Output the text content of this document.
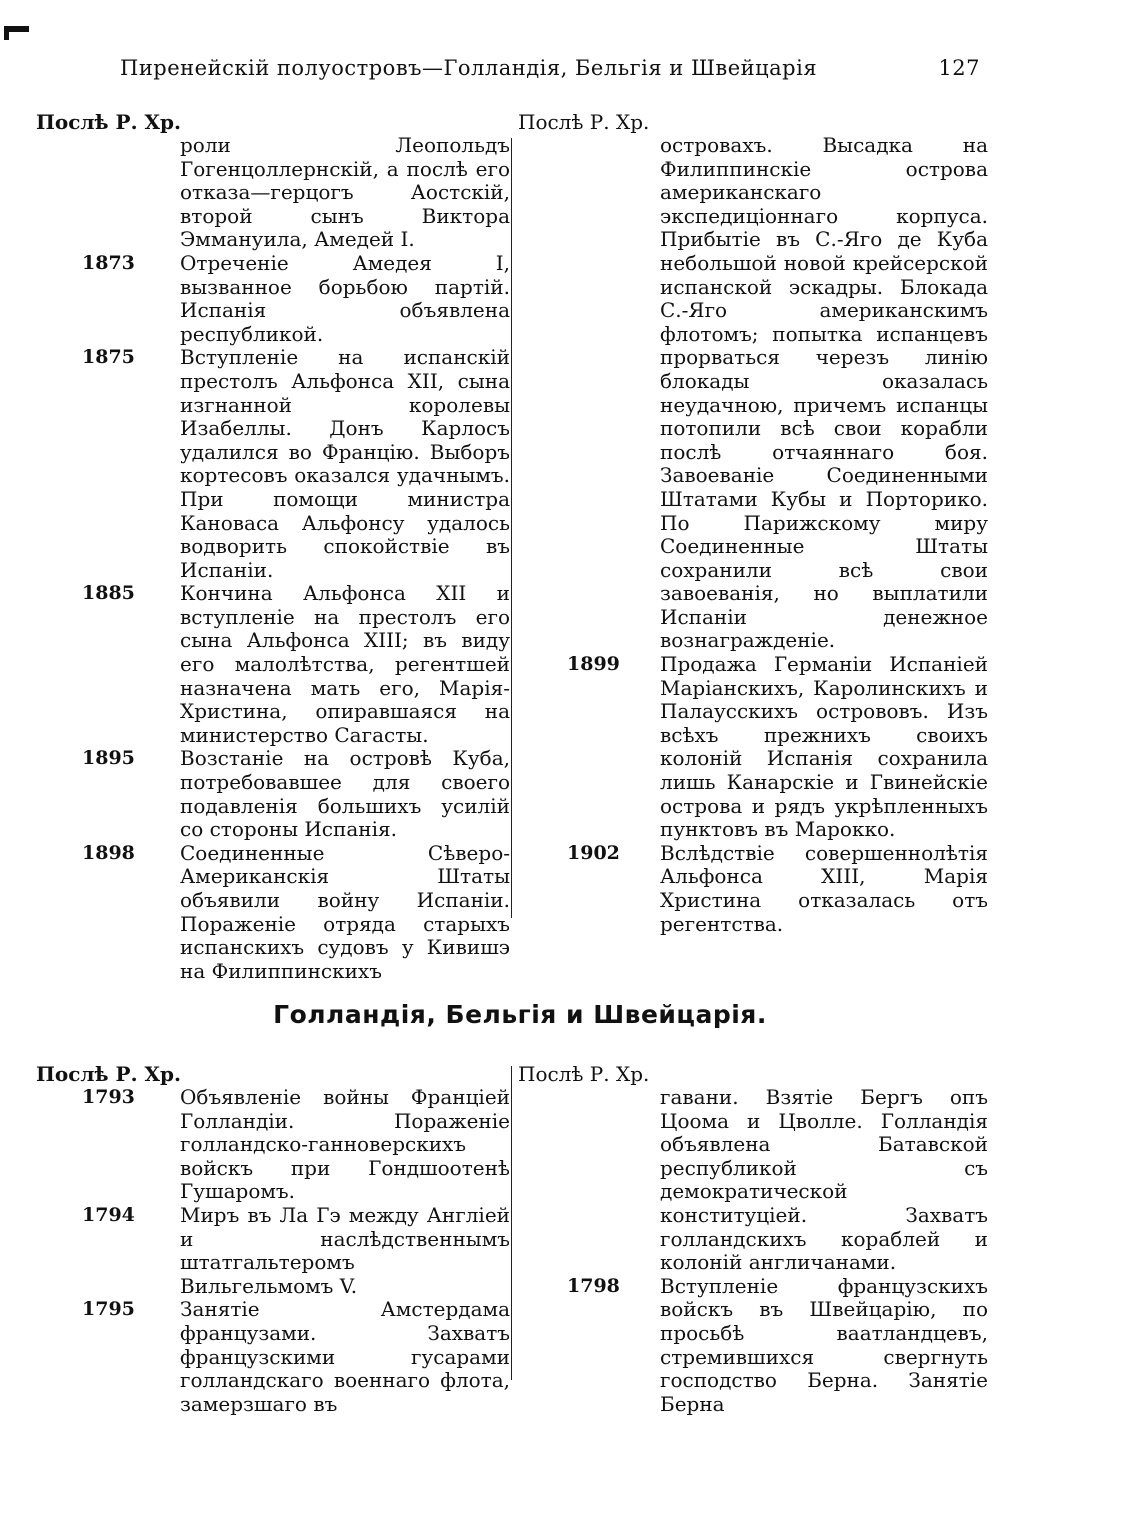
Пиренейскій полуостровъ—Голландія, Бельгія и Швейцарія	127
Послѣ Р. Хр.
роли Леопольдъ Гогенцоллернскій, а послѣ его отказа—герцогъ Аостскій, второй сынъ Виктора Эммануила, Амедей I.
1873 Отреченіе Амедея I, вызванное борьбою партій. Испанія объявлена республикой.
1875 Вступленіе на испанскій престолъ Альфонса XII, сына изгнанной королевы Изабеллы. Донъ Карлосъ удалился во Францію. Выборъ кортесовъ оказался удачнымъ. При помощи министра Кановаса Альфонсу удалось водворить спокойствіе въ Испаніи.
1885 Кончина Альфонса XII и вступленіе на престолъ его сына Альфонса XIII; въ виду его малолѣтства, регентшей назначена мать его, Марія-Христина, опиравшаяся на министерство Сагасты.
1895 Возстаніе на островѣ Куба, потребовавшее для своего подавленія большихъ усилій со стороны Испанія.
1898 Соединенные Сѣверо-Американскія Штаты объявили войну Испаніи. Пораженіе отряда старыхъ испанскихъ судовъ у Кивишэ на Филиппинскихъ
Послѣ Р. Хр.
островахъ. Высадка на Филиппинскіе острова американскаго экспедиціоннаго корпуса. Прибытіе въ С.-Яго де Куба небольшой новой крейсерской испанской эскадры. Блокада С.-Яго американскимъ флотомъ; попытка испанцевъ прорваться черезъ линію блокады оказалась неудачною, причемъ испанцы потопили всѣ свои корабли послѣ отчаяннаго боя. Завоеваніе Соединенными Штатами Кубы и Порторико. По Парижскому миру Соединенные Штаты сохранили всѣ свои завоеванія, но выплатили Испаніи денежное вознагражденіе.
1899 Продажа Германіи Испаніей Маріанскихъ, Каролинскихъ и Палаусскихъ острововъ. Изъ всѣхъ прежнихъ своихъ колоній Испанія сохранила лишь Канарскіе и Гвинейскіе острова и рядъ укрѣпленныхъ пунктовъ въ Марокко.
1902 Вслѣдствіе совершеннолѣтія Альфонса XIII, Марія Христина отказалась отъ регентства.
Голландія, Бельгія и Швейцарія.
Послѣ Р. Хр.
1793 Объявленіе войны Франціей Голландіи. Пораженіе голландско-ганноверскихъ войскъ при Гондшоотенѣ Гушаромъ.
1794 Миръ въ Ла Гэ между Англіей и наслѣдственнымъ штатгальтеромъ Вильгельмомъ V.
1795 Занятіе Амстердама французами. Захватъ французскими гусарами голландскаго военнаго флота, замерзшаго въ
Послѣ Р. Хр.
гавани. Взятіе Бергъ опъ Цоома и Цволле. Голландія объявлена Батавской республикой съ демократической конституціей. Захватъ голландскихъ кораблей и колоній англичанами.
1798 Вступленіе французскихъ войскъ въ Швейцарію, по просьбѣ ваатландцевъ, стремившихся свергнуть господство Берна. Занятіе Берна
